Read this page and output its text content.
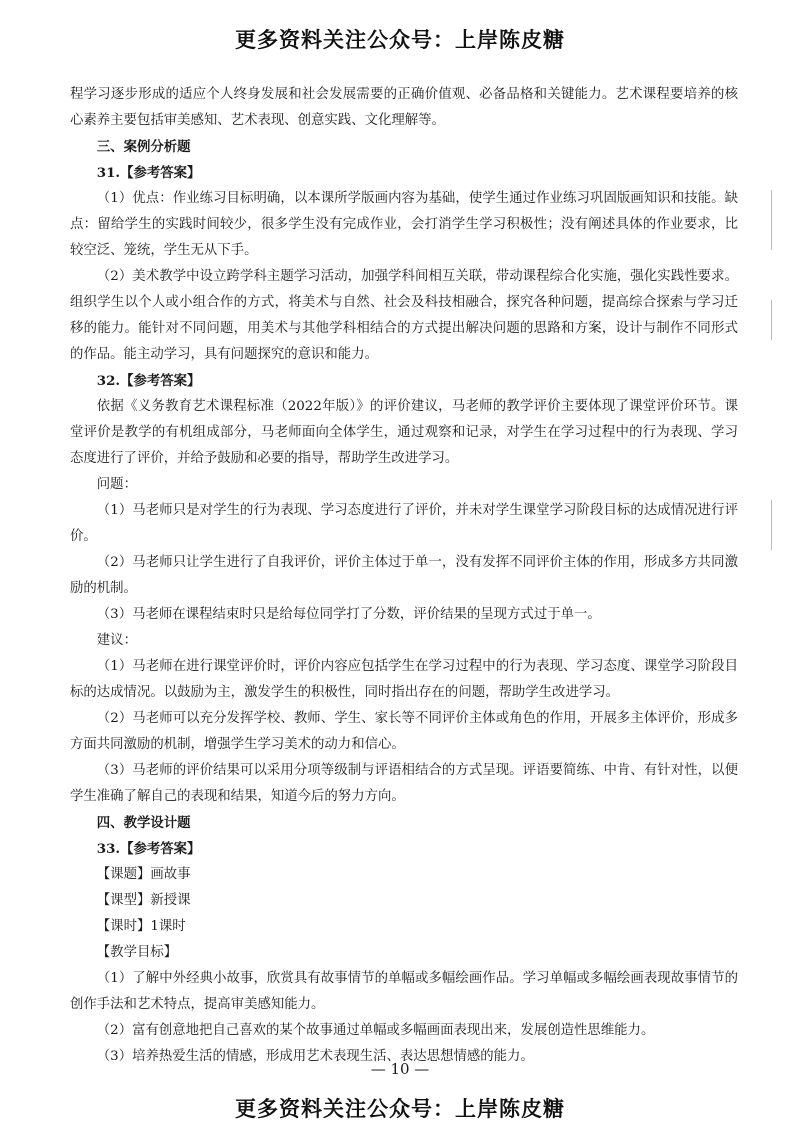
更多资料关注公众号：上岸陈皮糖

程学习逐步形成的适应个人终身发展和社会发展需要的正确价值观、必备品格和关键能力。艺术课程要培养的核心素养主要包括审美感知、艺术表现、创意实践、文化理解等。

三、案例分析题

31.【参考答案】

（1）优点：作业练习目标明确，以本课所学版画内容为基础，使学生通过作业练习巩固版画知识和技能。缺点：留给学生的实践时间较少，很多学生没有完成作业，会打消学生学习积极性；没有阐述具体的作业要求，比较空泛、笼统，学生无从下手。

（2）美术教学中设立跨学科主题学习活动，加强学科间相互关联，带动课程综合化实施，强化实践性要求。组织学生以个人或小组合作的方式，将美术与自然、社会及科技相融合，探究各种问题，提高综合探索与学习迁移的能力。能针对不同问题，用美术与其他学科相结合的方式提出解决问题的思路和方案，设计与制作不同形式的作品。能主动学习，具有问题探究的意识和能力。

32.【参考答案】

依据《义务教育艺术课程标准（2022年版）》的评价建议，马老师的教学评价主要体现了课堂评价环节。课堂评价是教学的有机组成部分，马老师面向全体学生，通过观察和记录，对学生在学习过程中的行为表现、学习态度进行了评价，并给予鼓励和必要的指导，帮助学生改进学习。

问题：

（1）马老师只是对学生的行为表现、学习态度进行了评价，并未对学生课堂学习阶段目标的达成情况进行评价。

（2）马老师只让学生进行了自我评价，评价主体过于单一，没有发挥不同评价主体的作用，形成多方共同激励的机制。

（3）马老师在课程结束时只是给每位同学打了分数，评价结果的呈现方式过于单一。

建议：

（1）马老师在进行课堂评价时，评价内容应包括学生在学习过程中的行为表现、学习态度、课堂学习阶段目标的达成情况。以鼓励为主，激发学生的积极性，同时指出存在的问题，帮助学生改进学习。

（2）马老师可以充分发挥学校、教师、学生、家长等不同评价主体或角色的作用，开展多主体评价，形成多方面共同激励的机制，增强学生学习美术的动力和信心。

（3）马老师的评价结果可以采用分项等级制与评语相结合的方式呈现。评语要简练、中肯、有针对性，以便学生准确了解自己的表现和结果，知道今后的努力方向。

四、教学设计题

33.【参考答案】

【课题】画故事

【课型】新授课

【课时】1课时

【教学目标】

（1）了解中外经典小故事，欣赏具有故事情节的单幅或多幅绘画作品。学习单幅或多幅绘画表现故事情节的创作手法和艺术特点，提高审美感知能力。

（2）富有创意地把自己喜欢的某个故事通过单幅或多幅画面表现出来，发展创造性思维能力。

（3）培养热爱生活的情感，形成用艺术表现生活、表达思想情感的能力。

— 10 —
更多资料关注公众号：上岸陈皮糖
